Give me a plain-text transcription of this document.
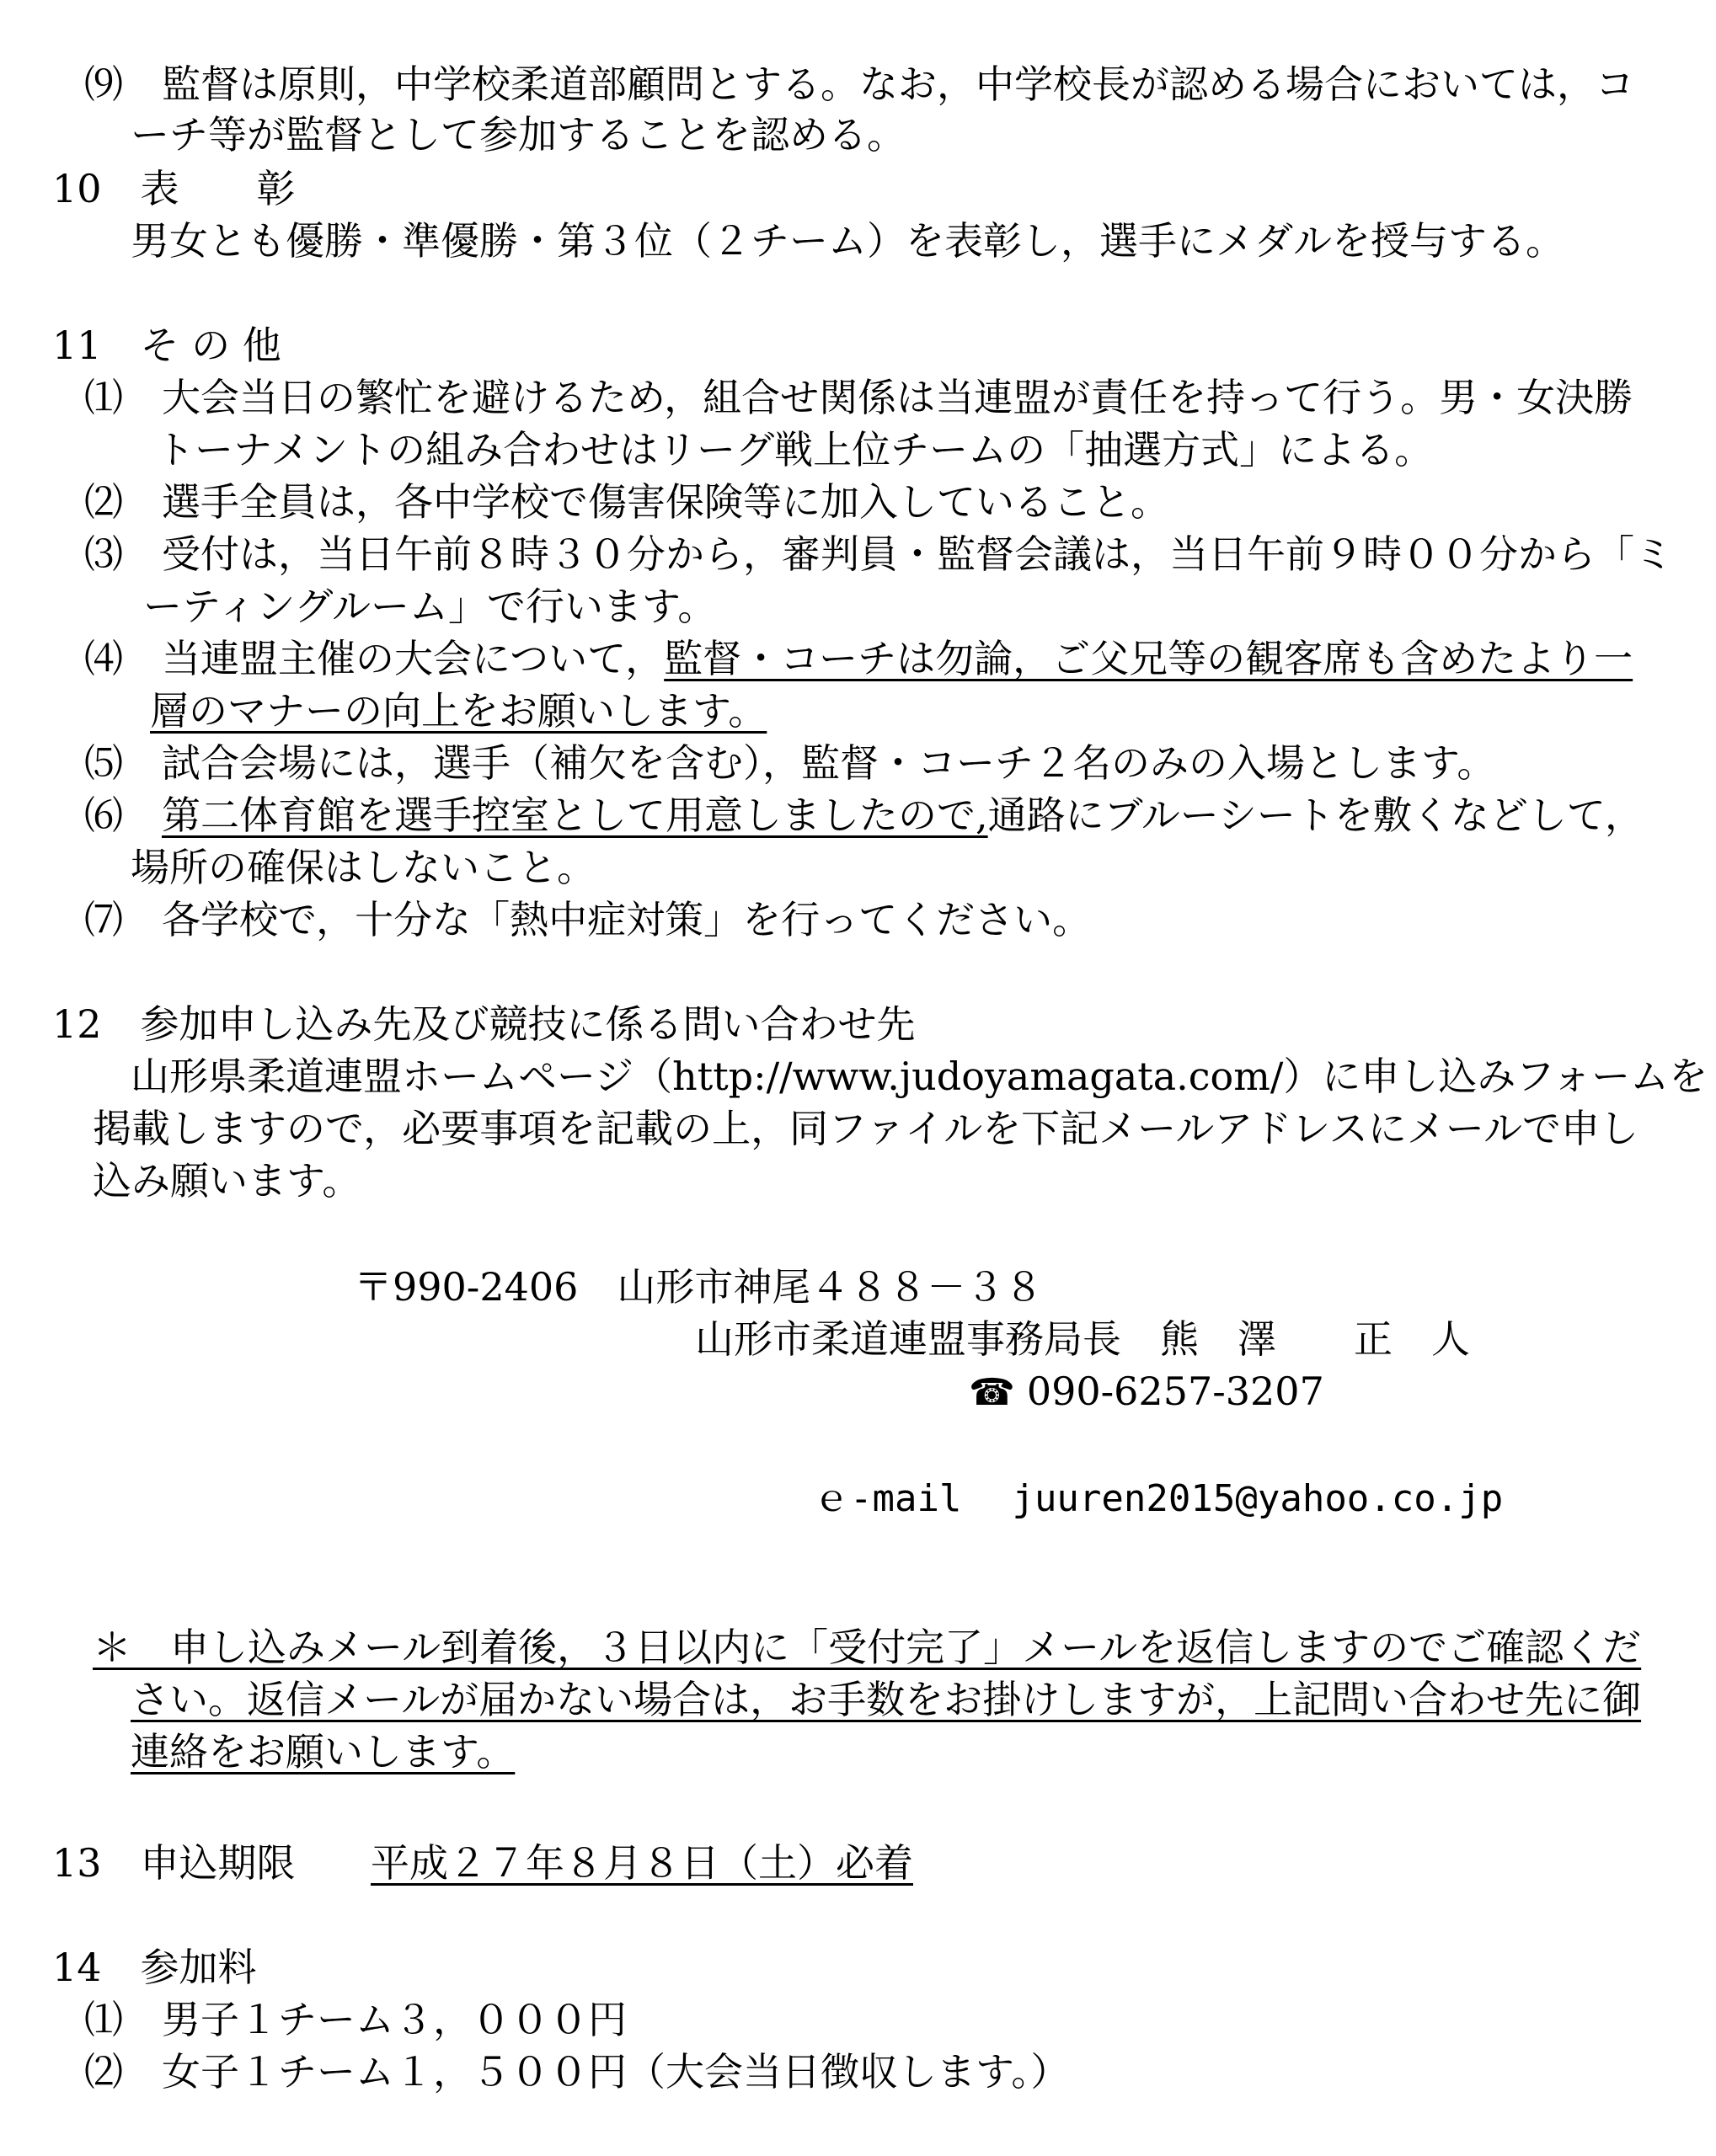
⑼　監督は原則，中学校柔道部顧問とする。なお，中学校長が認める場合においては，コ
ーチ等が監督として参加することを認める。
10　表　　彰
男女とも優勝・準優勝・第３位（２チーム）を表彰し，選手にメダルを授与する。
11　そ の 他
⑴　大会当日の繁忙を避けるため，組合せ関係は当連盟が責任を持って行う。男・女決勝
トーナメントの組み合わせはリーグ戦上位チームの「抽選方式」による。
⑵　選手全員は，各中学校で傷害保険等に加入していること。
⑶　受付は，当日午前８時３０分から，審判員・監督会議は，当日午前９時００分から「ミ
ーティングルーム」で行います。
⑷　当連盟主催の大会について，監督・コーチは勿論，ご父兄等の観客席も含めたより一
層のマナーの向上をお願いします。
⑸　試合会場には，選手（補欠を含む），監督・コーチ２名のみの入場とします。
⑹　第二体育館を選手控室として用意しましたので,通路にブルーシートを敷くなどして，
場所の確保はしないこと。
⑺　各学校で，十分な「熱中症対策」を行ってください。
12　参加申し込み先及び競技に係る問い合わせ先
山形県柔道連盟ホームページ（http://www.judoyamagata.com/）に申し込みフォームを
掲載しますので，必要事項を記載の上，同ファイルを下記メールアドレスにメールで申し
込み願います。
〒990-2406　山形市神尾４８８－３８
山形市柔道連盟事務局長　熊　澤　　正　人
☎ 090-6257-3207
ｅ-mail juuren2015@yahoo.co.jp
＊　申し込みメール到着後，３日以内に「受付完了」メールを返信しますのでご確認くだ
さい。返信メールが届かない場合は，お手数をお掛けしますが，上記問い合わせ先に御
連絡をお願いします。
13　申込期限 平成２７年８月８日（土）必着
14　参加料
⑴　男子１チーム３，０００円
⑵　女子１チーム１，５００円（大会当日徴収します。）
